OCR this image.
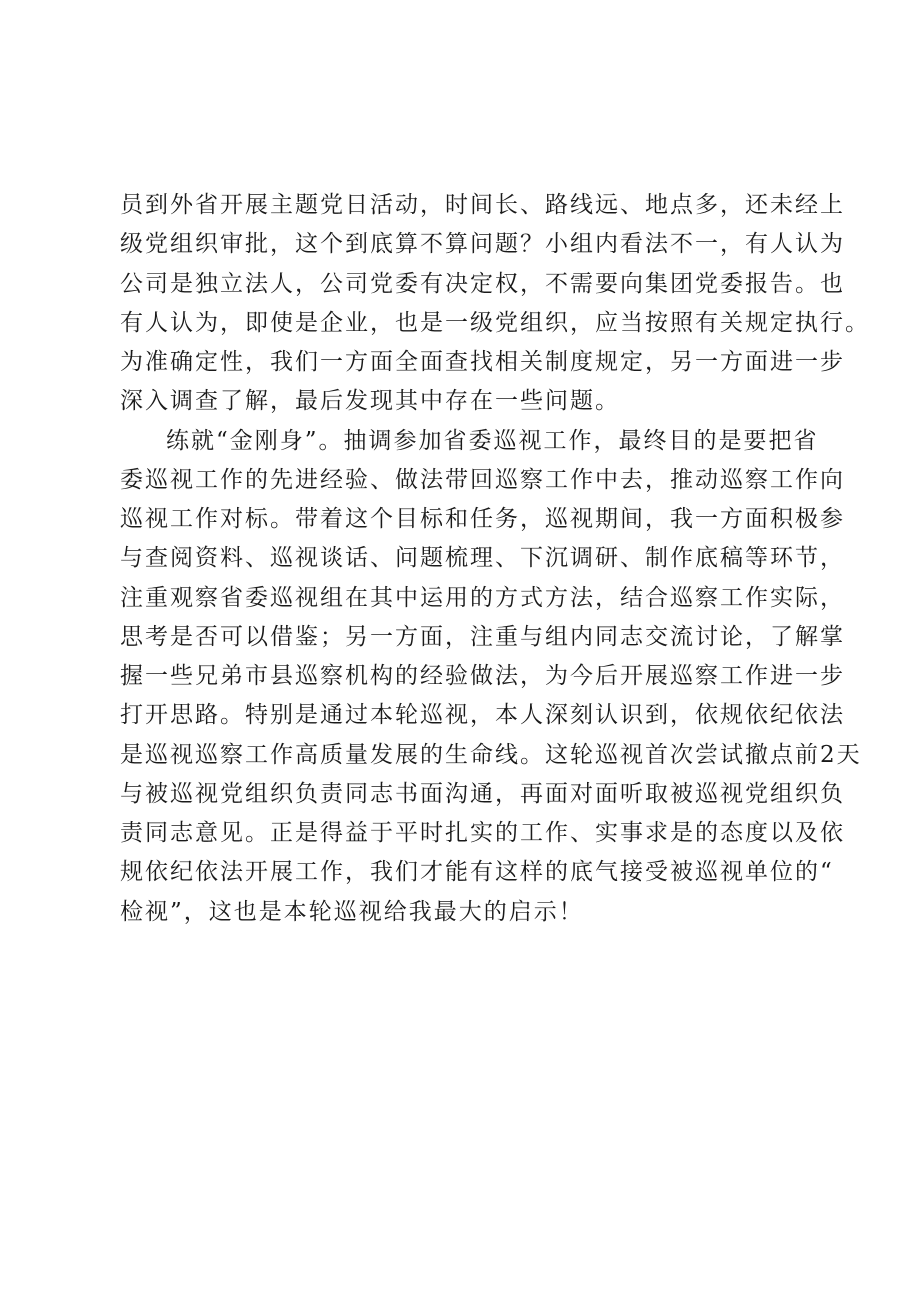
员到外省开展主题党日活动，时间长、路线远、地点多，还未经上
级党组织审批，这个到底算不算问题？小组内看法不一，有人认为
公司是独立法人，公司党委有决定权，不需要向集团党委报告。也
有人认为，即使是企业，也是一级党组织，应当按照有关规定执行。
为准确定性，我们一方面全面查找相关制度规定，另一方面进一步
深入调查了解，最后发现其中存在一些问题。
练就“金刚身”。抽调参加省委巡视工作，最终目的是要把省
委巡视工作的先进经验、做法带回巡察工作中去，推动巡察工作向
巡视工作对标。带着这个目标和任务，巡视期间，我一方面积极参
与查阅资料、巡视谈话、问题梳理、下沉调研、制作底稿等环节，
注重观察省委巡视组在其中运用的方式方法，结合巡察工作实际，
思考是否可以借鉴；另一方面，注重与组内同志交流讨论，了解掌
握一些兄弟市县巡察机构的经验做法，为今后开展巡察工作进一步
打开思路。特别是通过本轮巡视，本人深刻认识到，依规依纪依法
是巡视巡察工作高质量发展的生命线。这轮巡视首次尝试撤点前2天
与被巡视党组织负责同志书面沟通，再面对面听取被巡视党组织负
责同志意见。正是得益于平时扎实的工作、实事求是的态度以及依
规依纪依法开展工作，我们才能有这样的底气接受被巡视单位的“
检视”，这也是本轮巡视给我最大的启示！
